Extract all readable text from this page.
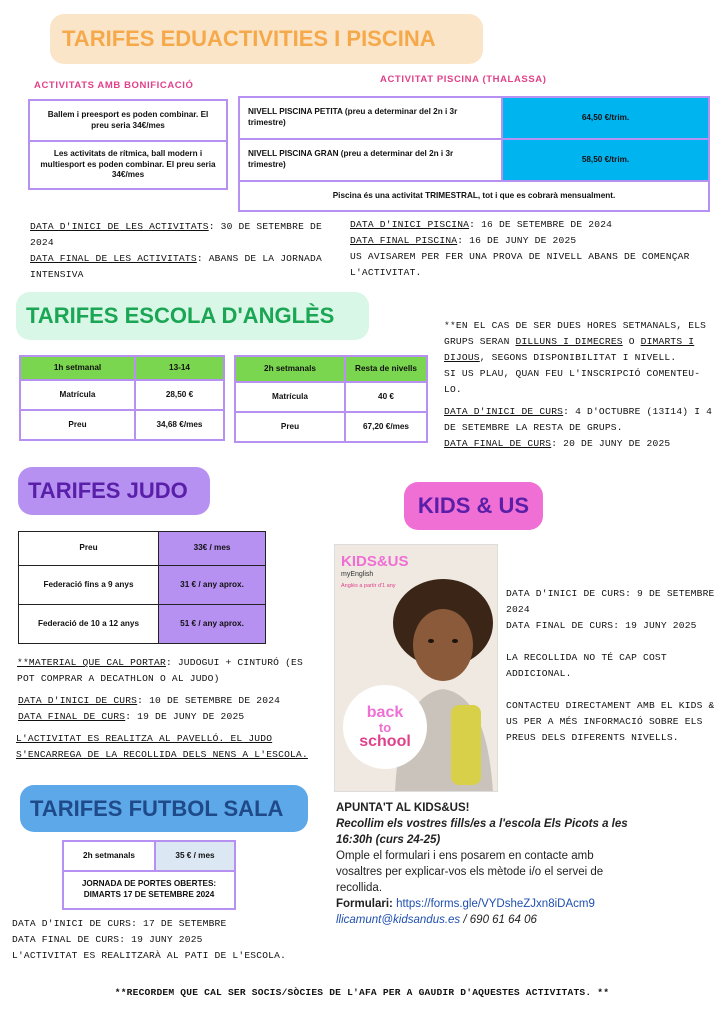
TARIFES EDUACTIVITIES I PISCINA
ACTIVITATS AMB BONIFICACIÓ
Ballem i preesport es poden combinar. El preu seria 34€/mes
Les activitats de rítmica, ball modern i multiesport es poden combinar. El preu seria 34€/mes
ACTIVITAT PISCINA (THALASSA)
NIVELL PISCINA PETITA (preu a determinar del 2n i 3r trimestre)	64,50 €/trim.
NIVELL PISCINA GRAN (preu a determinar del 2n i 3r trimestre)	58,50 €/trim.
Piscina és una activitat TRIMESTRAL, tot i que es cobrarà mensualment.	
DATA D'INICI DE LES ACTIVITATS: 30 DE SETEMBRE DE 2024
DATA FINAL DE LES ACTIVITATS: ABANS DE LA JORNADA INTENSIVA
DATA D'INICI PISCINA: 16 DE SETEMBRE DE 2024
DATA FINAL PISCINA: 16 DE JUNY DE 2025
US AVISAREM PER FER UNA PROVA DE NIVELL ABANS DE COMENÇAR L'ACTIVITAT.
TARIFES ESCOLA D'ANGLÈS
1h setmanal	13-14
Matrícula	28,50 €
Preu	34,68 €/mes
2h setmanals	Resta de nivells
Matrícula	40 €
Preu	67,20 €/mes
**EN EL CAS DE SER DUES HORES SETMANALS, ELS GRUPS SERAN DILLUNS I DIMECRES O DIMARTS I DIJOUS, SEGONS DISPONIBILITAT I NIVELL.
SI US PLAU, QUAN FEU L'INSCRIPCIÓ COMENTEU-LO.
DATA D'INICI DE CURS: 4 D'OCTUBRE (13I14) I 4 DE SETEMBRE LA RESTA DE GRUPS.
DATA FINAL DE CURS: 20 DE JUNY DE 2025
TARIFES JUDO
Preu	33€ / mes
Federació fins a 9 anys	31 € / any aprox.
Federació de 10 a 12 anys	51 € / any aprox.
**MATERIAL QUE CAL PORTAR: JUDOGUI + CINTURÓ (ES POT COMPRAR A DECATHLON O AL JUDO)
DATA D'INICI DE CURS: 10 DE SETEMBRE DE 2024
DATA FINAL DE CURS: 19 DE JUNY DE 2025
L'ACTIVITAT ES REALITZA AL PAVELLÓ. EL JUDO S'ENCARREGA DE LA RECOLLIDA DELS NENS A L'ESCOLA.
KIDS & US
KIDS&US
myEnglish
Anglès a partir d'1 any
back
to
school
DATA D'INICI DE CURS: 9 DE SETEMBRE 2024
DATA FINAL DE CURS: 19 JUNY 2025
LA RECOLLIDA NO TÉ CAP COST ADDICIONAL.
CONTACTEU DIRECTAMENT AMB EL KIDS & US PER A MÉS INFORMACIÓ SOBRE ELS PREUS DELS DIFERENTS NIVELLS.
APUNTA'T AL KIDS&US!
Recollim els vostres fills/es a l'escola Els Picots a les 16:30h (curs 24-25)
Omple el formulari i ens posarem en contacte amb vosaltres per explicar-vos els mètode i/o el servei de recollida.
Formulari: https://forms.gle/VYDsheZJxn8iDAcm9
llicamunt@kidsandus.es / 690 61 64 06
TARIFES FUTBOL SALA
2h setmanals	35 € / mes
JORNADA DE PORTES OBERTES: DIMARTS 17 DE SETEMBRE 2024
DATA D'INICI DE CURS: 17 DE SETEMBRE
DATA FINAL DE CURS: 19 JUNY 2025
L'ACTIVITAT ES REALITZARÀ AL PATI DE L'ESCOLA.
**RECORDEM QUE CAL SER SOCIS/SÒCIES DE L'AFA PER A GAUDIR D'AQUESTES ACTIVITATS. **
